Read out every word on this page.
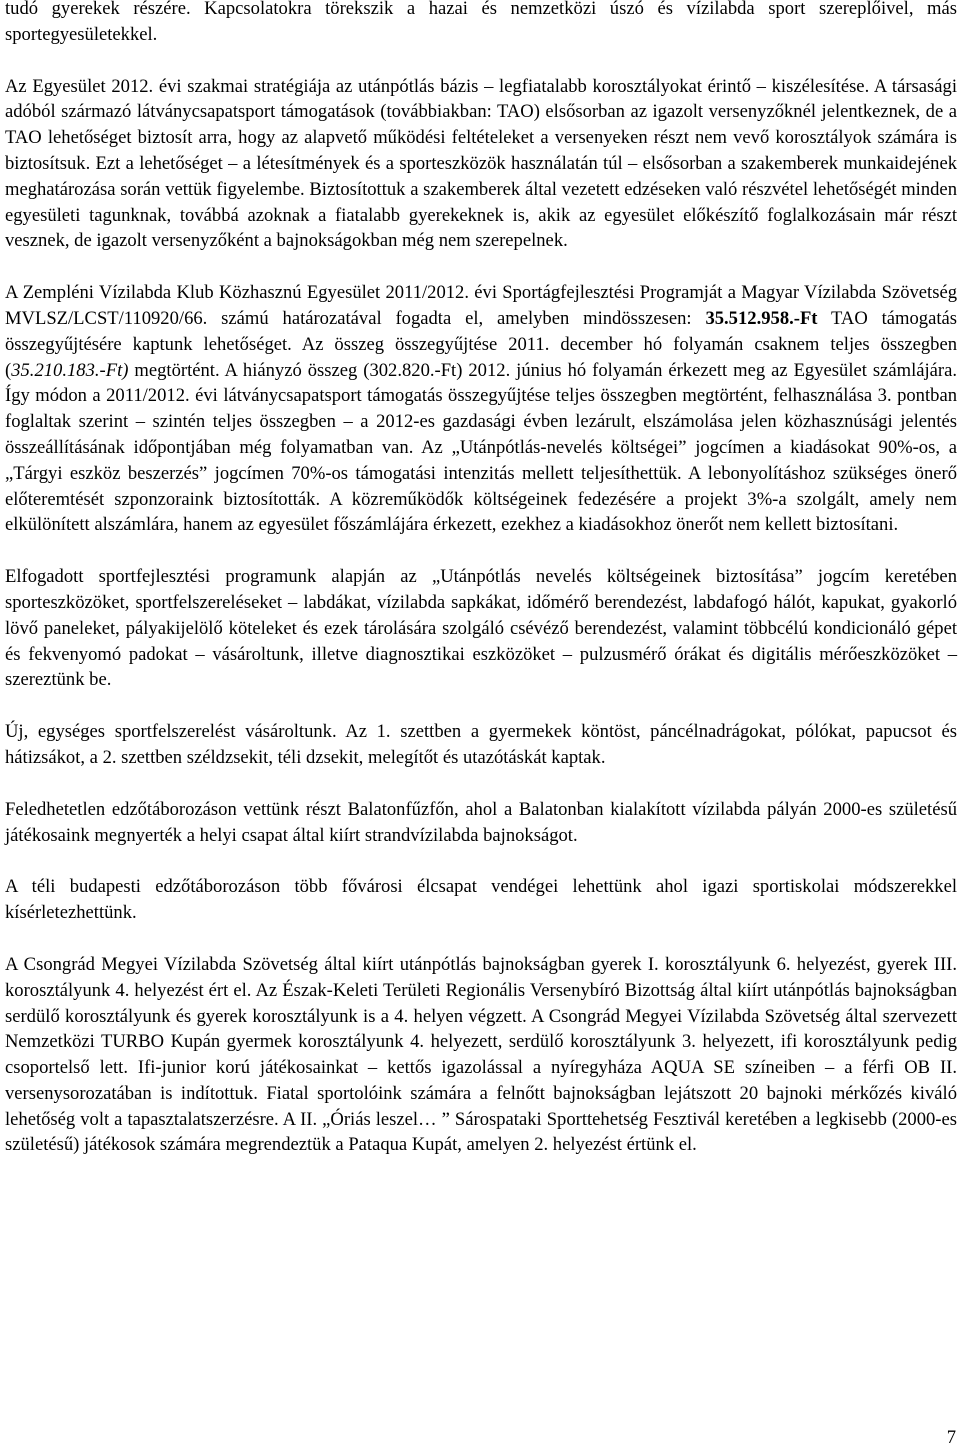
tudó gyerekek részére. Kapcsolatokra törekszik a hazai és nemzetközi úszó és vízilabda sport szereplőivel, más sportegyesületekkel.

Az Egyesület 2012. évi szakmai stratégiája az utánpótlás bázis – legfiatalabb korosztályokat érintő – kiszélesítése. A társasági adóból származó látványcsapatsport támogatások (továbbiakban: TAO) elsősorban az igazolt versenyzőknél jelentkeznek, de a TAO lehetőséget biztosít arra, hogy az alapvető működési feltételeket a versenyeken részt nem vevő korosztályok számára is biztosítsuk. Ezt a lehetőséget – a létesítmények és a sporteszközök használatán túl – elsősorban a szakemberek munkaidejének meghatározása során vettük figyelembe. Biztosítottuk a szakemberek által vezetett edzéseken való részvétel lehetőségét minden egyesületi tagunknak, továbbá azoknak a fiatalabb gyerekeknek is, akik az egyesület előkészítő foglalkozásain már részt vesznek, de igazolt versenyzőként a bajnokságokban még nem szerepelnek.

A Zempléni Vízilabda Klub Közhasznú Egyesület 2011/2012. évi Sportágfejlesztési Programját a Magyar Vízilabda Szövetség MVLSZ/LCST/110920/66. számú határozatával fogadta el, amelyben mindösszesen: 35.512.958.-Ft TAO támogatás összegyűjtésére kaptunk lehetőséget. Az összeg összegyűjtése 2011. december hó folyamán csaknem teljes összegben (35.210.183.-Ft) megtörtént. A hiányzó összeg (302.820.-Ft) 2012. június hó folyamán érkezett meg az Egyesület számlájára. Így módon a 2011/2012. évi látványcsapatsport támogatás összegyűjtése teljes összegben megtörtént, felhasználása 3. pontban foglaltak szerint – szintén teljes összegben – a 2012-es gazdasági évben lezárult, elszámolása jelen közhasznúsági jelentés összeállításának időpontjában még folyamatban van. Az „Utánpótlás-nevelés költségei” jogcímen a kiadásokat 90%-os, a „Tárgyi eszköz beszerzés” jogcímen 70%-os támogatási intenzitás mellett teljesíthettük. A lebonyolításhoz szükséges önerő előteremtését szponzoraink biztosították. A közreműködők költségeinek fedezésére a projekt 3%-a szolgált, amely nem elkülönített alszámlára, hanem az egyesület főszámlájára érkezett, ezekhez a kiadásokhoz önerőt nem kellett biztosítani.

Elfogadott sportfejlesztési programunk alapján az „Utánpótlás nevelés költségeinek biztosítása” jogcím keretében sporteszközöket, sportfelszereléseket – labdákat, vízilabda sapkákat, időmérő berendezést, labdafogó hálót, kapukat, gyakorló lövő paneleket, pályakijelölő köteleket és ezek tárolására szolgáló csévéző berendezést, valamint többcélú kondicionáló gépet és fekvenyomó padokat – vásároltunk, illetve diagnosztikai eszközöket – pulzusmérő órákat és digitális mérőeszközöket – szereztünk be.

Új, egységes sportfelszerelést vásároltunk. Az 1. szettben a gyermekek köntöst, páncélnadrágokat, pólókat, papucsot és hátizsákot, a 2. szettben széldzsekit, téli dzsekit, melegítőt és utazótáskát kaptak.

Feledhetetlen edzőtáborozáson vettünk részt Balatonfűzfőn, ahol a Balatonban kialakított vízilabda pályán 2000-es születésű játékosaink megnyerték a helyi csapat által kiírt strandvízilabda bajnokságot.

A téli budapesti edzőtáborozáson több fővárosi élcsapat vendégei lehettünk ahol igazi sportiskolai módszerekkel kísérletezhettünk.

A Csongrád Megyei Vízilabda Szövetség által kiírt utánpótlás bajnokságban gyerek I. korosztályunk 6. helyezést, gyerek III. korosztályunk 4. helyezést ért el. Az Észak-Keleti Területi Regionális Versenybíró Bizottság által kiírt utánpótlás bajnokságban serdülő korosztályunk és gyerek korosztályunk is a 4. helyen végzett. A Csongrád Megyei Vízilabda Szövetség által szervezett Nemzetközi TURBO Kupán gyermek korosztályunk 4. helyezett, serdülő korosztályunk 3. helyezett, ifi korosztályunk pedig csoportelső lett. Ifi-junior korú játékosainkat – kettős igazolással a nyíregyháza AQUA SE színeiben – a férfi OB II. versenysorozatában is indítottuk. Fiatal sportolóink számára a felnőtt bajnokságban lejátszott 20 bajnoki mérkőzés kiváló lehetőség volt a tapasztalatszerzésre. A II. „Óriás leszel… ” Sárospataki Sporttehetség Fesztivál keretében a legkisebb (2000-es születésű) játékosok számára megrendeztük a Pataqua Kupát, amelyen 2. helyezést értünk el.

7
